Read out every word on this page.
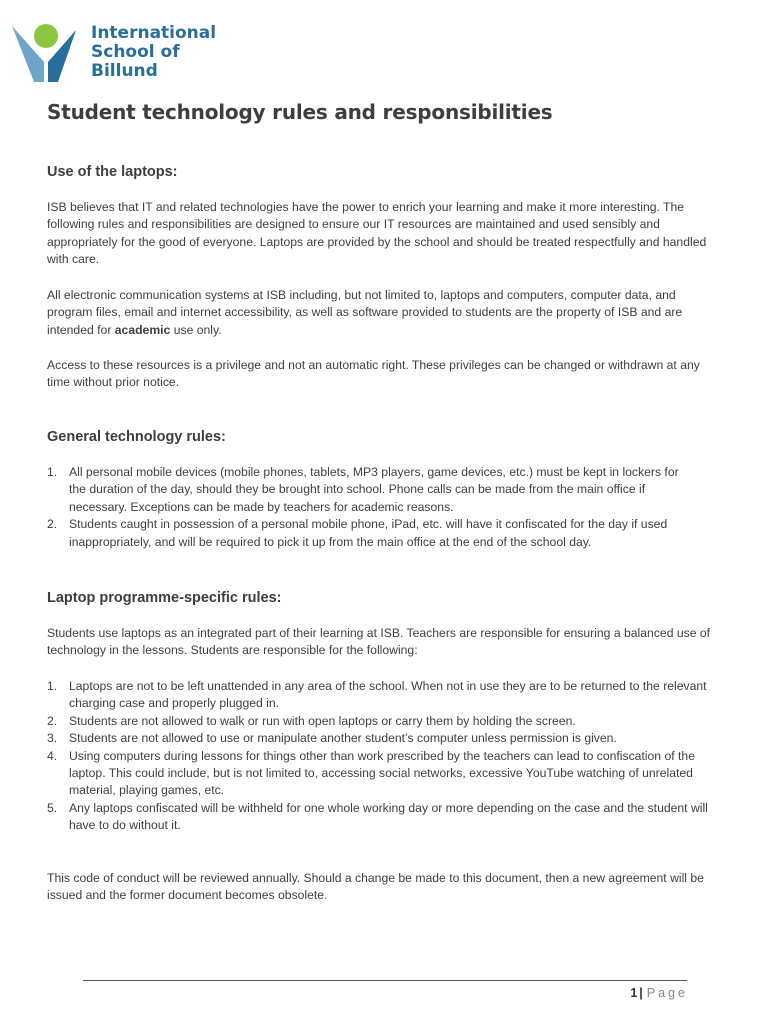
International
School of
Billund
Student technology rules and responsibilities
Use of the laptops:

ISB believes that IT and related technologies have the power to enrich your learning and make it more interesting. The following rules and responsibilities are designed to ensure our IT resources are maintained and used sensibly and appropriately for the good of everyone. Laptops are provided by the school and should be treated respectfully and handled with care.

All electronic communication systems at ISB including, but not limited to, laptops and computers, computer data, and program files, email and internet accessibility, as well as software provided to students are the property of ISB and are intended for academic use only.

Access to these resources is a privilege and not an automatic right. These privileges can be changed or withdrawn at any time without prior notice.

General technology rules:
1. All personal mobile devices (mobile phones, tablets, MP3 players, game devices, etc.) must be kept in lockers for the duration of the day, should they be brought into school. Phone calls can be made from the main office if necessary. Exceptions can be made by teachers for academic reasons.
2. Students caught in possession of a personal mobile phone, iPad, etc. will have it confiscated for the day if used inappropriately, and will be required to pick it up from the main office at the end of the school day.
Laptop programme-specific rules:

Students use laptops as an integrated part of their learning at ISB. Teachers are responsible for ensuring a balanced use of technology in the lessons. Students are responsible for the following:

1. Laptops are not to be left unattended in any area of the school. When not in use they are to be returned to the relevant charging case and properly plugged in.
2. Students are not allowed to walk or run with open laptops or carry them by holding the screen.
3. Students are not allowed to use or manipulate another student’s computer unless permission is given.
4. Using computers during lessons for things other than work prescribed by the teachers can lead to confiscation of the laptop. This could include, but is not limited to, accessing social networks, excessive YouTube watching of unrelated material, playing games, etc.
5. Any laptops confiscated will be withheld for one whole working day or more depending on the case and the student will have to do without it.

This code of conduct will be reviewed annually. Should a change be made to this document, then a new agreement will be issued and the former document becomes obsolete.

1 | Page
